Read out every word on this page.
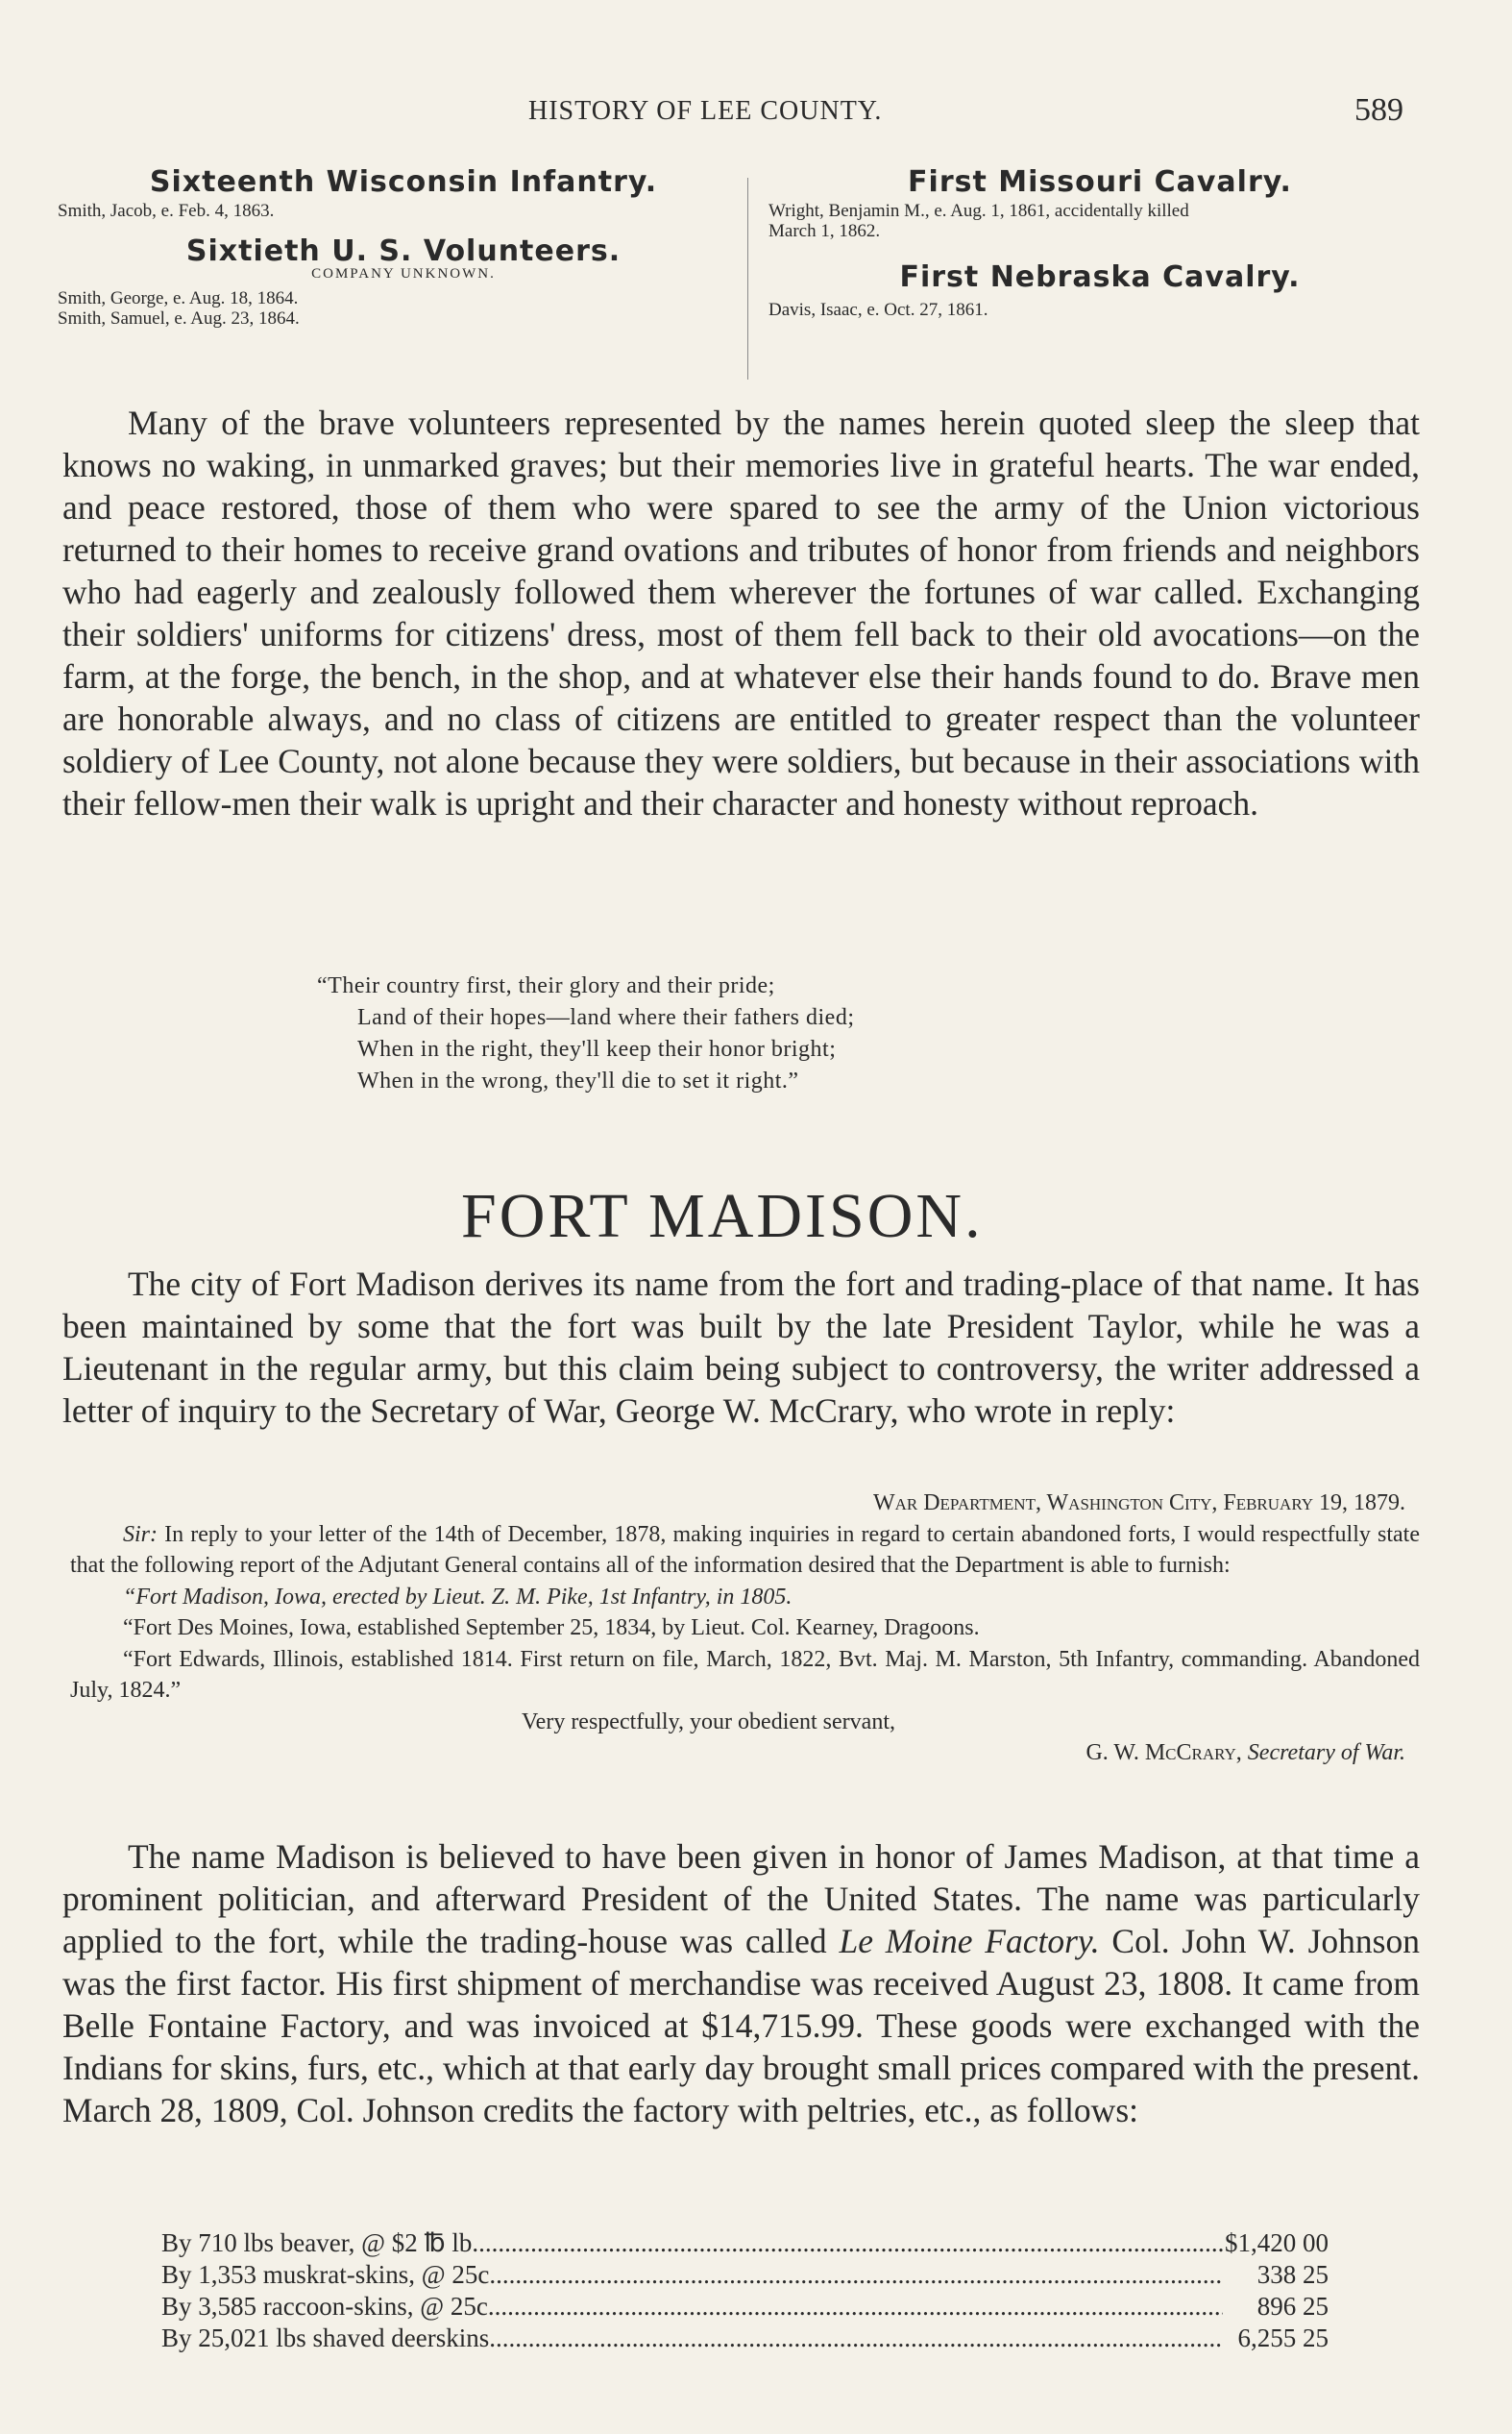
HISTORY OF LEE COUNTY.	589
Sixteenth Wisconsin Infantry.
Smith, Jacob, e. Feb. 4, 1863.
Sixtieth U. S. Volunteers.
COMPANY UNKNOWN.
Smith, George, e. Aug. 18, 1864.
Smith, Samuel, e. Aug. 23, 1864.
First Missouri Cavalry.
Wright, Benjamin M., e. Aug. 1, 1861, accidentally killed
March 1, 1862.
First Nebraska Cavalry.
Davis, Isaac, e. Oct. 27, 1861.

Many of the brave volunteers represented by the names herein quoted sleep the sleep that knows no waking, in unmarked graves; but their memories live in grateful hearts. The war ended, and peace restored, those of them who were spared to see the army of the Union victorious returned to their homes to receive grand ovations and tributes of honor from friends and neighbors who had eagerly and zealously followed them wherever the fortunes of war called. Exchanging their soldiers' uniforms for citizens' dress, most of them fell back to their old avocations—on the farm, at the forge, the bench, in the shop, and at whatever else their hands found to do. Brave men are honorable always, and no class of citizens are entitled to greater respect than the volunteer soldiery of Lee County, not alone because they were soldiers, but because in their associations with their fellow-men their walk is upright and their character and honesty without reproach.

“Their country first, their glory and their pride;
Land of their hopes—land where their fathers died;
When in the right, they'll keep their honor bright;
When in the wrong, they'll die to set it right.”
FORT MADISON.

The city of Fort Madison derives its name from the fort and trading-place of that name. It has been maintained by some that the fort was built by the late President Taylor, while he was a Lieutenant in the regular army, but this claim being subject to controversy, the writer addressed a letter of inquiry to the Secretary of War, George W. McCrary, who wrote in reply:

War Department, Washington City, February 19, 1879.
Sir: In reply to your letter of the 14th of December, 1878, making inquiries in regard to certain abandoned forts, I would respectfully state that the following report of the Adjutant General contains all of the information desired that the Department is able to furnish:
“Fort Madison, Iowa, erected by Lieut. Z. M. Pike, 1st Infantry, in 1805.
“Fort Des Moines, Iowa, established September 25, 1834, by Lieut. Col. Kearney, Dragoons.
“Fort Edwards, Illinois, established 1814. First return on file, March, 1822, Bvt. Maj. M. Marston, 5th Infantry, commanding. Abandoned July, 1824.”
Very respectfully, your obedient servant,
G. W. McCrary, Secretary of War.

The name Madison is believed to have been given in honor of James Madison, at that time a prominent politician, and afterward President of the United States. The name was particularly applied to the fort, while the trading-house was called Le Moine Factory. Col. John W. Johnson was the first factor. His first shipment of merchandise was received August 23, 1808. It came from Belle Fontaine Factory, and was invoiced at $14,715.99. These goods were exchanged with the Indians for skins, furs, etc., which at that early day brought small prices compared with the present. March 28, 1809, Col. Johnson credits the factory with peltries, etc., as follows:

By 710 lbs beaver, @ $2 ℔ lb .....	$1,420 00
By 1,353 muskrat-skins, @ 25c .....	338 25
By 3,585 raccoon-skins, @ 25c .....	896 25
By 25,021 lbs shaved deerskins .....	6,255 25
